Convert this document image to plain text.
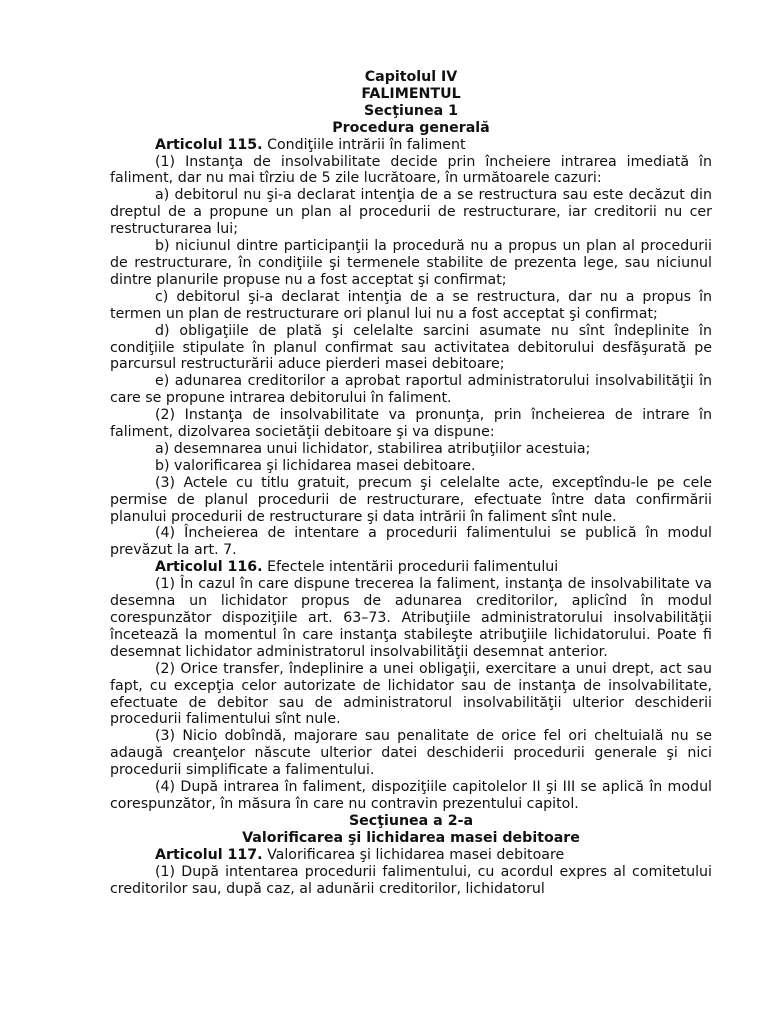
Capitolul IV

FALIMENTUL

Secţiunea 1

Procedura generală

Articolul 115. Condiţiile intrării în faliment

(1) Instanţa de insolvabilitate decide prin încheiere intrarea imediată în faliment, dar nu mai tîrziu de 5 zile lucrătoare, în următoarele cazuri:

a) debitorul nu şi-a declarat intenţia de a se restructura sau este decăzut din dreptul de a propune un plan al procedurii de restructurare, iar creditorii nu cer restructurarea lui;

b) niciunul dintre participanţii la procedură nu a propus un plan al procedurii de restructurare, în condiţiile şi termenele stabilite de prezenta lege, sau niciunul dintre planurile propuse nu a fost acceptat şi confirmat;

c) debitorul şi-a declarat intenţia de a se restructura, dar nu a propus în termen un plan de restructurare ori planul lui nu a fost acceptat şi confirmat;

d) obligaţiile de plată şi celelalte sarcini asumate nu sînt îndeplinite în condiţiile stipulate în planul confirmat sau activitatea debitorului desfăşurată pe parcursul restructurării aduce pierderi masei debitoare;

e) adunarea creditorilor a aprobat raportul administratorului insolvabilităţii în care se propune intrarea debitorului în faliment.

(2) Instanţa de insolvabilitate va pronunţa, prin încheierea de intrare în faliment, dizolvarea societăţii debitoare şi va dispune:

a) desemnarea unui lichidator, stabilirea atribuţiilor acestuia;

b) valorificarea şi lichidarea masei debitoare.

(3) Actele cu titlu gratuit, precum şi celelalte acte, exceptîndu-le pe cele permise de planul procedurii de restructurare, efectuate între data confirmării planului procedurii de restructurare şi data intrării în faliment sînt nule.

(4) Încheierea de intentare a procedurii falimentului se publică în modul prevăzut la art. 7.

Articolul 116. Efectele intentării procedurii falimentului

(1) În cazul în care dispune trecerea la faliment, instanţa de insolvabilitate va desemna un lichidator propus de adunarea creditorilor, aplicînd în modul corespunzător dispoziţiile art. 63–73. Atribuţiile administratorului insolvabilităţii încetează la momentul în care instanţa stabileşte atribuţiile lichidatorului. Poate fi desemnat lichidator administratorul insolvabilităţii desemnat anterior.

(2) Orice transfer, îndeplinire a unei obligaţii, exercitare a unui drept, act sau fapt, cu excepţia celor autorizate de lichidator sau de instanţa de insolvabilitate, efectuate de debitor sau de administratorul insolvabilităţii ulterior deschiderii procedurii falimentului sînt nule.

(3) Nicio dobîndă, majorare sau penalitate de orice fel ori cheltuială nu se adaugă creanţelor născute ulterior datei deschiderii procedurii generale şi nici procedurii simplificate a falimentului.

(4) După intrarea în faliment, dispoziţiile capitolelor II şi III se aplică în modul corespunzător, în măsura în care nu contravin prezentului capitol.

Secţiunea a 2-a

Valorificarea şi lichidarea masei debitoare

Articolul 117. Valorificarea şi lichidarea masei debitoare

(1) După intentarea procedurii falimentului, cu acordul expres al comitetului creditorilor sau, după caz, al adunării creditorilor, lichidatorul
